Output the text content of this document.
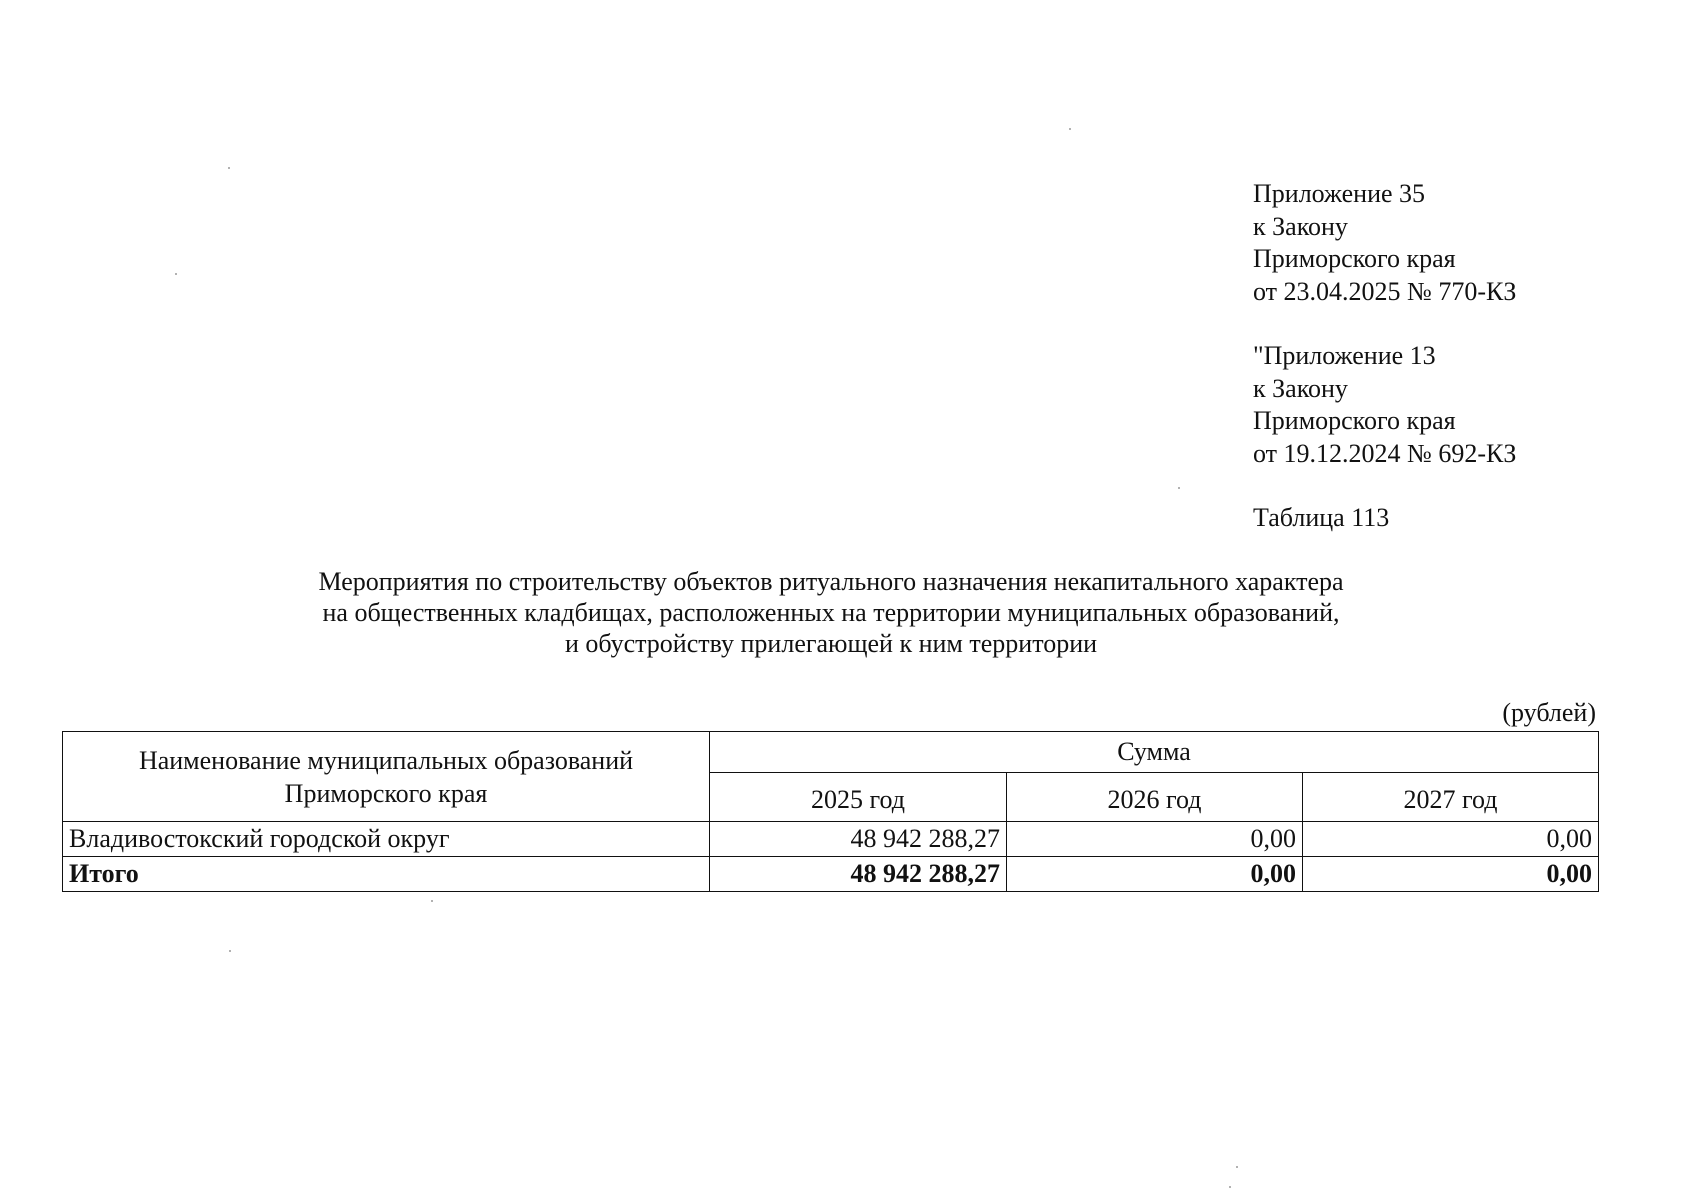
Приложение 35
к Закону
Приморского края
от 23.04.2025 № 770-КЗ
"Приложение 13
к Закону
Приморского края
от 19.12.2024 № 692-КЗ
Таблица 113
Мероприятия по строительству объектов ритуального назначения некапитального характера
на общественных кладбищах, расположенных на территории муниципальных образований,
и обустройству прилегающей к ним территории
(рублей)
Наименование муниципальных образований
Приморского края	Сумма		
	2025 год	2026 год	2027 год
Владивостокский городской округ	48 942 288,27	0,00	0,00
Итого	48 942 288,27	0,00	0,00
